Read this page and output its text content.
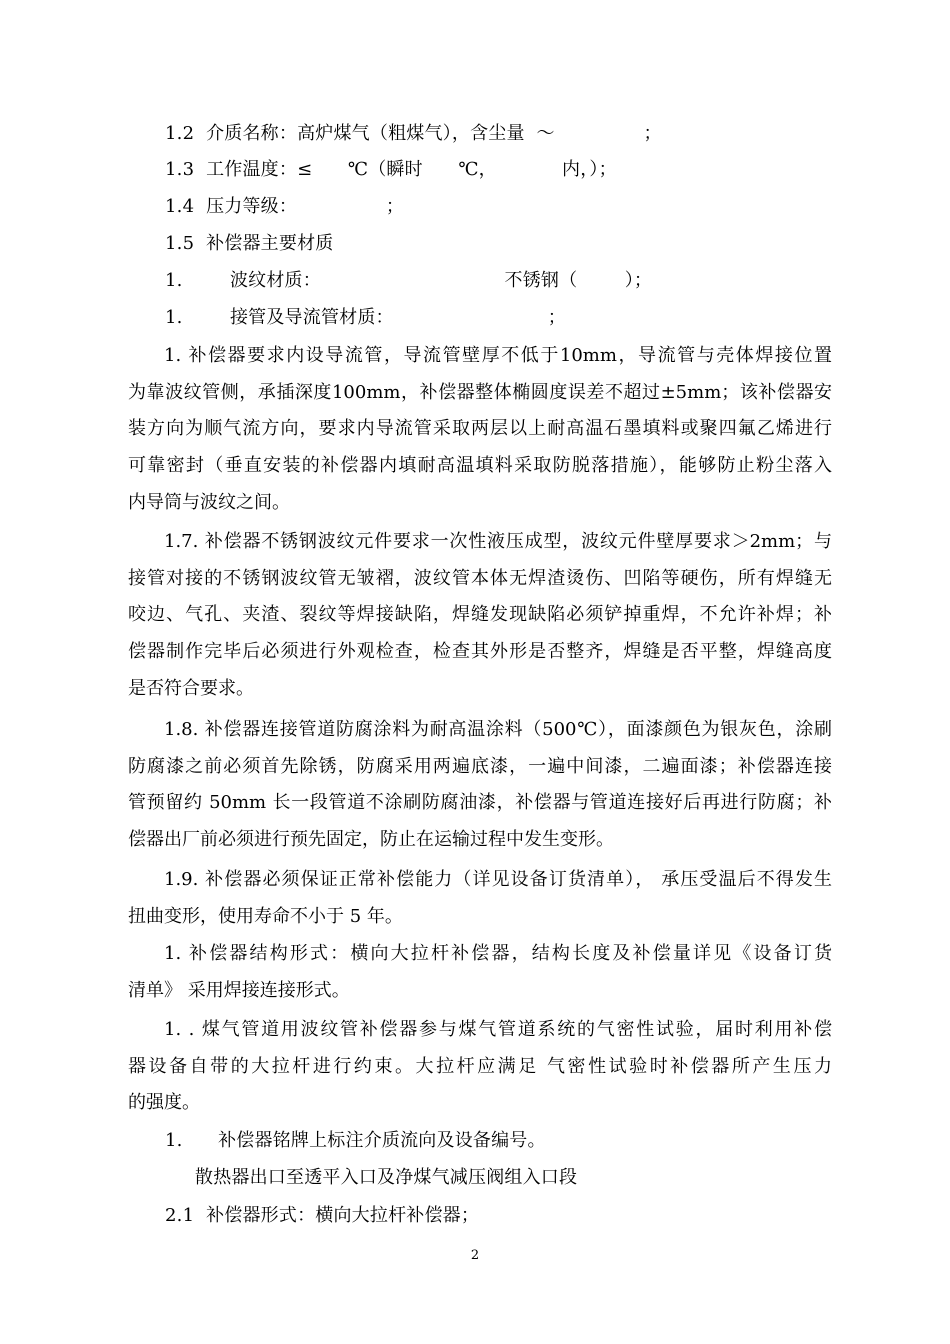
1.2  介质名称：高炉煤气（粗煤气），含尘量  ～               ；
1.3  工作温度：≤      ℃（瞬时      ℃，           内，）；
1.4  压力等级：               ；
1.5  补偿器主要材质
1.        波纹材质：                               不锈钢（        ）；
1.        接管及导流管材质：                          ；
1. 补偿器要求内设导流管，导流管壁厚不低于10mm，导流管与壳体焊接位置
为靠波纹管侧，承插深度100mm，补偿器整体椭圆度误差不超过±5mm；该补偿器安
装方向为顺气流方向，要求内导流管采取两层以上耐高温石墨填料或聚四氟乙烯进行
可靠密封（垂直安装的补偿器内填耐高温填料采取防脱落措施），能够防止粉尘落入
内导筒与波纹之间。
1.7. 补偿器不锈钢波纹元件要求一次性液压成型，波纹元件壁厚要求＞2mm；与
接管对接的不锈钢波纹管无皱褶，波纹管本体无焊渣烫伤、凹陷等硬伤，所有焊缝无
咬边、气孔、夹渣、裂纹等焊接缺陷，焊缝发现缺陷必须铲掉重焊，不允许补焊；补
偿器制作完毕后必须进行外观检查，检查其外形是否整齐，焊缝是否平整，焊缝高度
是否符合要求。
1.8. 补偿器连接管道防腐涂料为耐高温涂料（500℃），面漆颜色为银灰色，涂刷
防腐漆之前必须首先除锈，防腐采用两遍底漆，一遍中间漆，二遍面漆；补偿器连接
管预留约 50mm 长一段管道不涂刷防腐油漆，补偿器与管道连接好后再进行防腐；补
偿器出厂前必须进行预先固定，防止在运输过程中发生变形。
1.9. 补偿器必须保证正常补偿能力（详见设备订货清单）， 承压受温后不得发生
扭曲变形，使用寿命不小于 5 年。
1. 补偿器结构形式：横向大拉杆补偿器，结构长度及补偿量详见《设备订货
清单》 采用焊接连接形式。
1. . 煤气管道用波纹管补偿器参与煤气管道系统的气密性试验，届时利用补偿
器设备自带的大拉杆进行约束。大拉杆应满足 气密性试验时补偿器所产生压力
的强度。
1.      补偿器铭牌上标注介质流向及设备编号。
散热器出口至透平入口及净煤气减压阀组入口段
2.1  补偿器形式：横向大拉杆补偿器；
2
